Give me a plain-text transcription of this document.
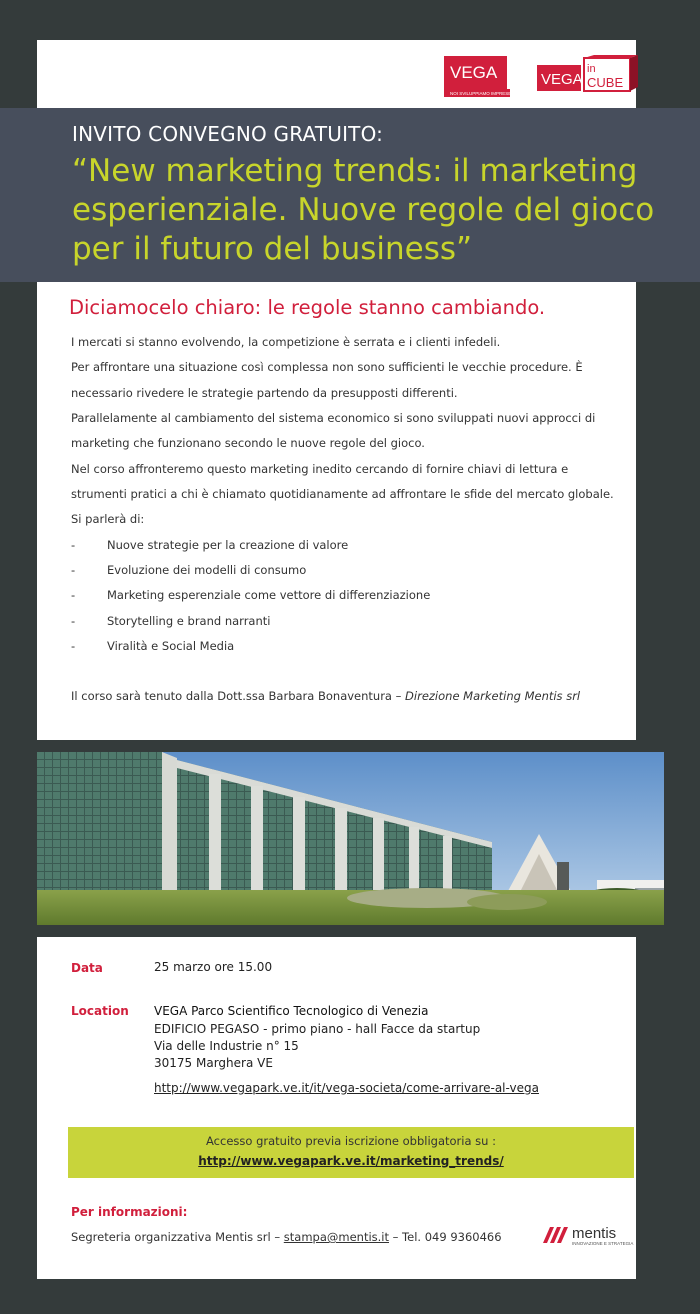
VEGA
NOI SVILUPPIAMO IMPRESE
VEGA
in
CUBE
INVITO CONVEGNO GRATUITO:
“New marketing trends: il marketing
esperienziale. Nuove regole del gioco
per il futuro del business”
Diciamocelo chiaro: le regole stanno cambiando.
I mercati si stanno evolvendo, la competizione è serrata e i clienti infedeli.
Per affrontare una situazione così complessa non sono sufficienti le vecchie procedure. È
necessario rivedere le strategie partendo da presupposti differenti.
Parallelamente al cambiamento del sistema economico si sono sviluppati nuovi approcci di
marketing che funzionano secondo le nuove regole del gioco.
Nel corso affronteremo questo marketing inedito cercando di fornire chiavi di lettura e
strumenti pratici a chi è chiamato quotidianamente ad affrontare le sfide del mercato globale.
Si parlerà di:
-	Nuove strategie per la creazione di valore
-	Evoluzione dei modelli di consumo
-	Marketing esperenziale come vettore di differenziazione
-	Storytelling e brand narranti
-	Viralità e Social Media
Il corso sarà tenuto dalla Dott.ssa Barbara Bonaventura – Direzione Marketing Mentis srl
Data	25 marzo ore 15.00
Location VEGA Parco Scientifico Tecnologico di Venezia
EDIFICIO PEGASO - primo piano - hall Facce da startup
Via delle Industrie n° 15
30175 Marghera VE
http://www.vegapark.ve.it/it/vega-societa/come-arrivare-al-vega
Accesso gratuito previa iscrizione obbligatoria su :
http://www.vegapark.ve.it/marketing_trends/
Per informazioni:
Segreteria organizzativa Mentis srl – stampa@mentis.it – Tel. 049 9360466	mentis
INNOVAZIONE E STRATEGIA
